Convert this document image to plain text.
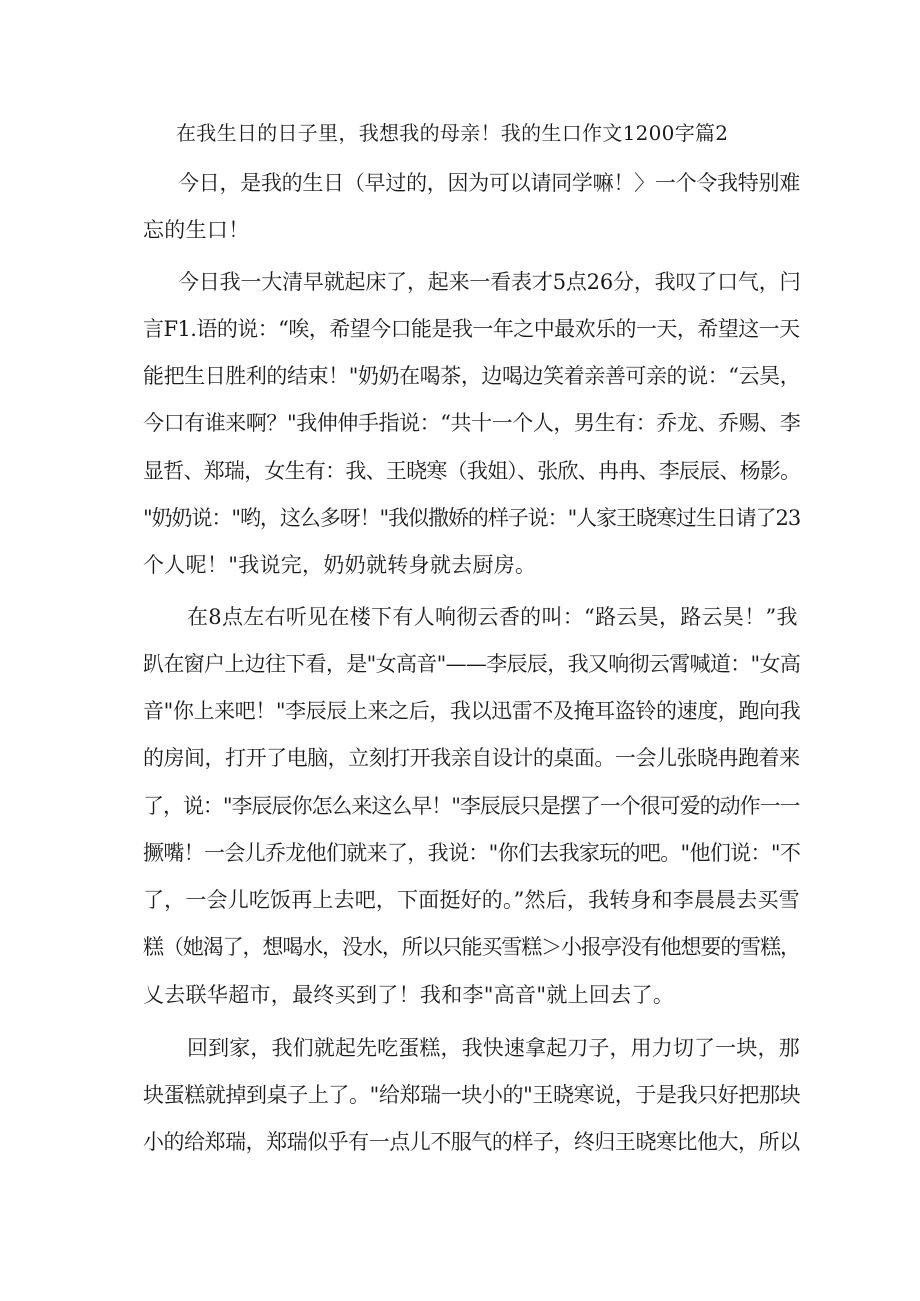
在我生日的日子里，我想我的母亲！我的生口作文1200字篇2
今日，是我的生日（早过的，因为可以请同学嘛！〉一个令我特别难
忘的生口！
今日我一大清早就起床了，起来一看表才5点26分，我叹了口气，闩
言F1.语的说：“唉，希望今口能是我一年之中最欢乐的一天，希望这一天
能把生日胜利的结束！"奶奶在喝茶，边喝边笑着亲善可亲的说：“云昊，
今口有谁来啊？"我伸伸手指说：“共十一个人，男生有：乔龙、乔赐、李
显哲、郑瑞，女生有：我、王晓寒（我姐）、张欣、冉冉、李辰辰、杨影。
"奶奶说："哟，这么多呀！"我似撒娇的样子说："人家王晓寒过生日请了23
个人呢！"我说完，奶奶就转身就去厨房。
在8点左右听见在楼下有人响彻云香的叫：“路云昊，路云昊！”我
趴在窗户上边往下看，是"女高音"——李辰辰，我又响彻云霄喊道："女高
音"你上来吧！"李辰辰上来之后，我以迅雷不及掩耳盗铃的速度，跑向我
的房间，打开了电脑，立刻打开我亲自设计的桌面。一会儿张晓冉跑着来
了，说："李辰辰你怎么来这么早！"李辰辰只是摆了一个很可爱的动作一一
撅嘴！一会儿乔龙他们就来了，我说："你们去我家玩的吧。"他们说："不
了，一会儿吃饭再上去吧，下面挺好的。”然后，我转身和李晨晨去买雪
糕（她渴了，想喝水，没水，所以只能买雪糕＞小报亭没有他想要的雪糕，
乂去联华超市，最终买到了！我和李"高音"就上回去了。
回到家，我们就起先吃蛋糕，我快速拿起刀子，用力切了一块，那
块蛋糕就掉到桌子上了。"给郑瑞一块小的"王晓寒说，于是我只好把那块
小的给郑瑞，郑瑞似乎有一点儿不服气的样子，终归王晓寒比他大，所以
